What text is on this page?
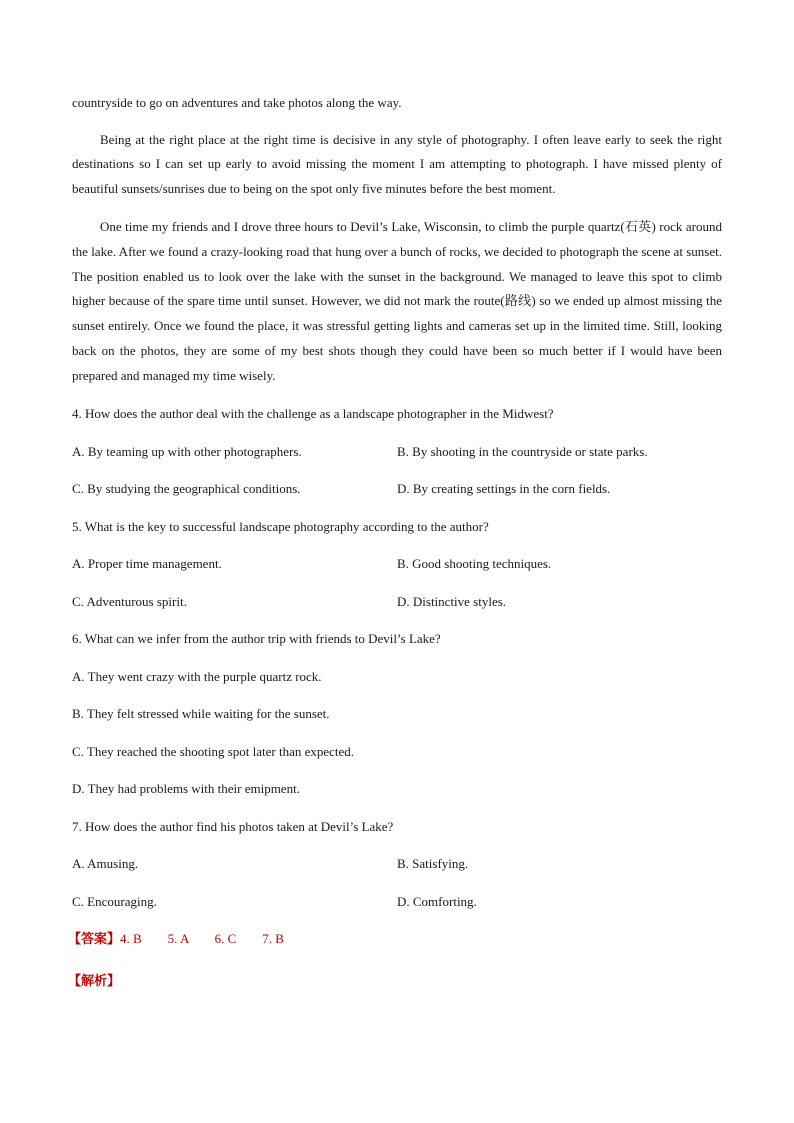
countryside to go on adventures and take photos along the way.

Being at the right place at the right time is decisive in any style of photography. I often leave early to seek the right destinations so I can set up early to avoid missing the moment I am attempting to photograph. I have missed plenty of beautiful sunsets/sunrises due to being on the spot only five minutes before the best moment.

One time my friends and I drove three hours to Devil’s Lake, Wisconsin, to climb the purple quartz(石英) rock around the lake. After we found a crazy-looking road that hung over a bunch of rocks, we decided to photograph the scene at sunset. The position enabled us to look over the lake with the sunset in the background. We managed to leave this spot to climb higher because of the spare time until sunset. However, we did not mark the route(路线) so we ended up almost missing the sunset entirely. Once we found the place, it was stressful getting lights and cameras set up in the limited time. Still, looking back on the photos, they are some of my best shots though they could have been so much better if I would have been prepared and managed my time wisely.

4. How does the author deal with the challenge as a landscape photographer in the Midwest?
A. By teaming up with other photographers.	B. By shooting in the countryside or state parks.
C. By studying the geographical conditions.	D. By creating settings in the corn fields.
5. What is the key to successful landscape photography according to the author?
A. Proper time management.	B. Good shooting techniques.
C. Adventurous spirit.	D. Distinctive styles.
6. What can we infer from the author trip with friends to Devil’s Lake?
A. They went crazy with the purple quartz rock.
B. They felt stressed while waiting for the sunset.
C. They reached the shooting spot later than expected.
D. They had problems with their emipment.
7. How does the author find his photos taken at Devil’s Lake?
A. Amusing.	B. Satisfying.
C. Encouraging.	D. Comforting.
【答案】4. B        5. A        6. C        7. B
【解析】
